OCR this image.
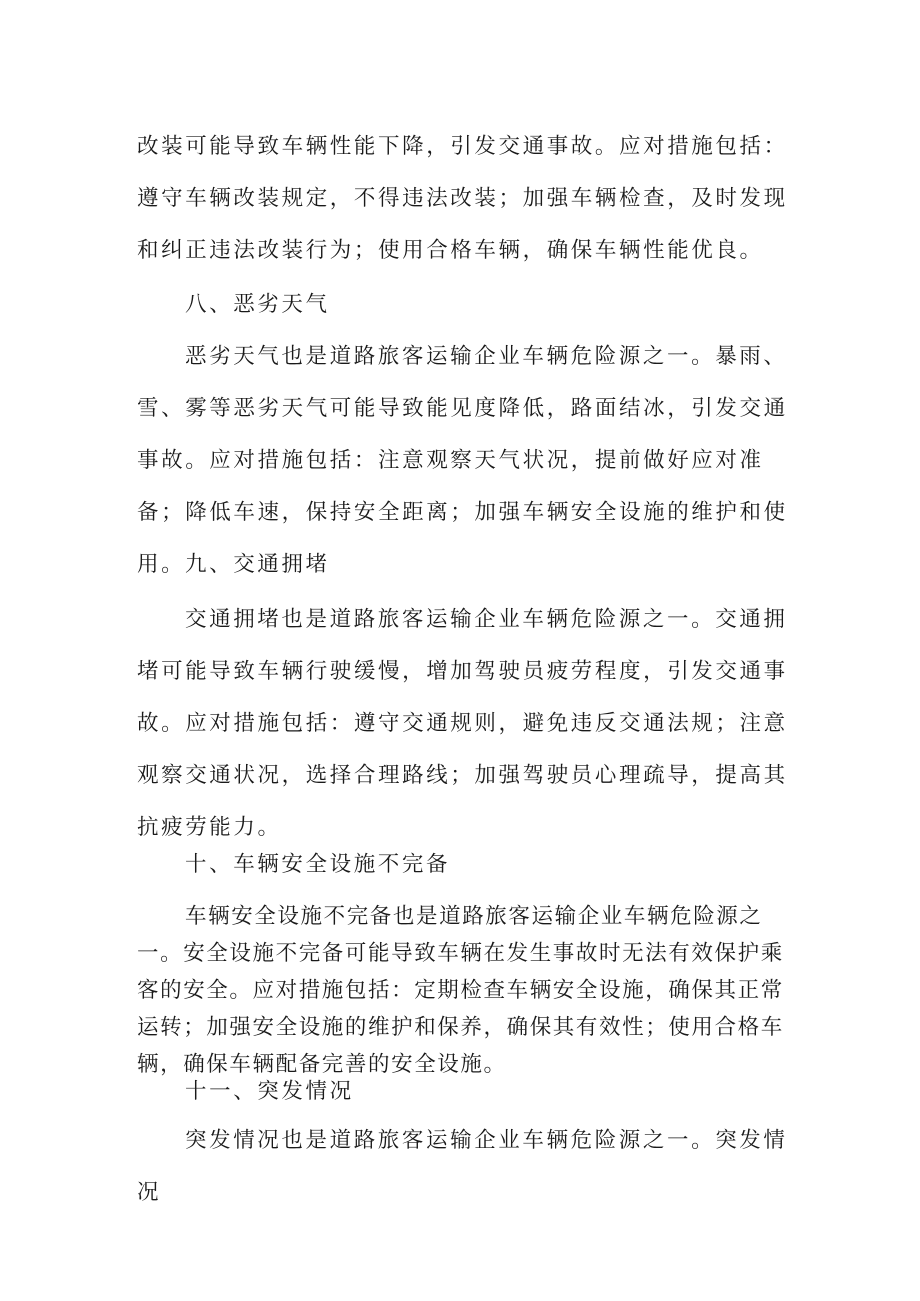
改装可能导致车辆性能下降，引发交通事故。应对措施包括：遵守车辆改装规定，不得违法改装；加强车辆检查，及时发现和纠正违法改装行为；使用合格车辆，确保车辆性能优良。

八、恶劣天气

恶劣天气也是道路旅客运输企业车辆危险源之一。暴雨、雪、雾等恶劣天气可能导致能见度降低，路面结冰，引发交通事故。应对措施包括：注意观察天气状况，提前做好应对准备；降低车速，保持安全距离；加强车辆安全设施的维护和使用。 九、交通拥堵

交通拥堵也是道路旅客运输企业车辆危险源之一。交通拥堵可能导致车辆行驶缓慢，增加驾驶员疲劳程度，引发交通事故。应对措施包括：遵守交通规则，避免违反交通法规；注意观察交通状况，选择合理路线；加强驾驶员心理疏导，提高其抗疲劳能力。

十、车辆安全设施不完备

车辆安全设施不完备也是道路旅客运输企业车辆危险源之一。安全设施不完备可能导致车辆在发生事故时无法有效保护乘客的安全。应对措施包括：定期检查车辆安全设施，确保其正常运转；加强安全设施的维护和保养，确保其有效性；使用合格车辆，确保车辆配备完善的安全设施。

十一、突发情况

突发情况也是道路旅客运输企业车辆危险源之一。突发情况
